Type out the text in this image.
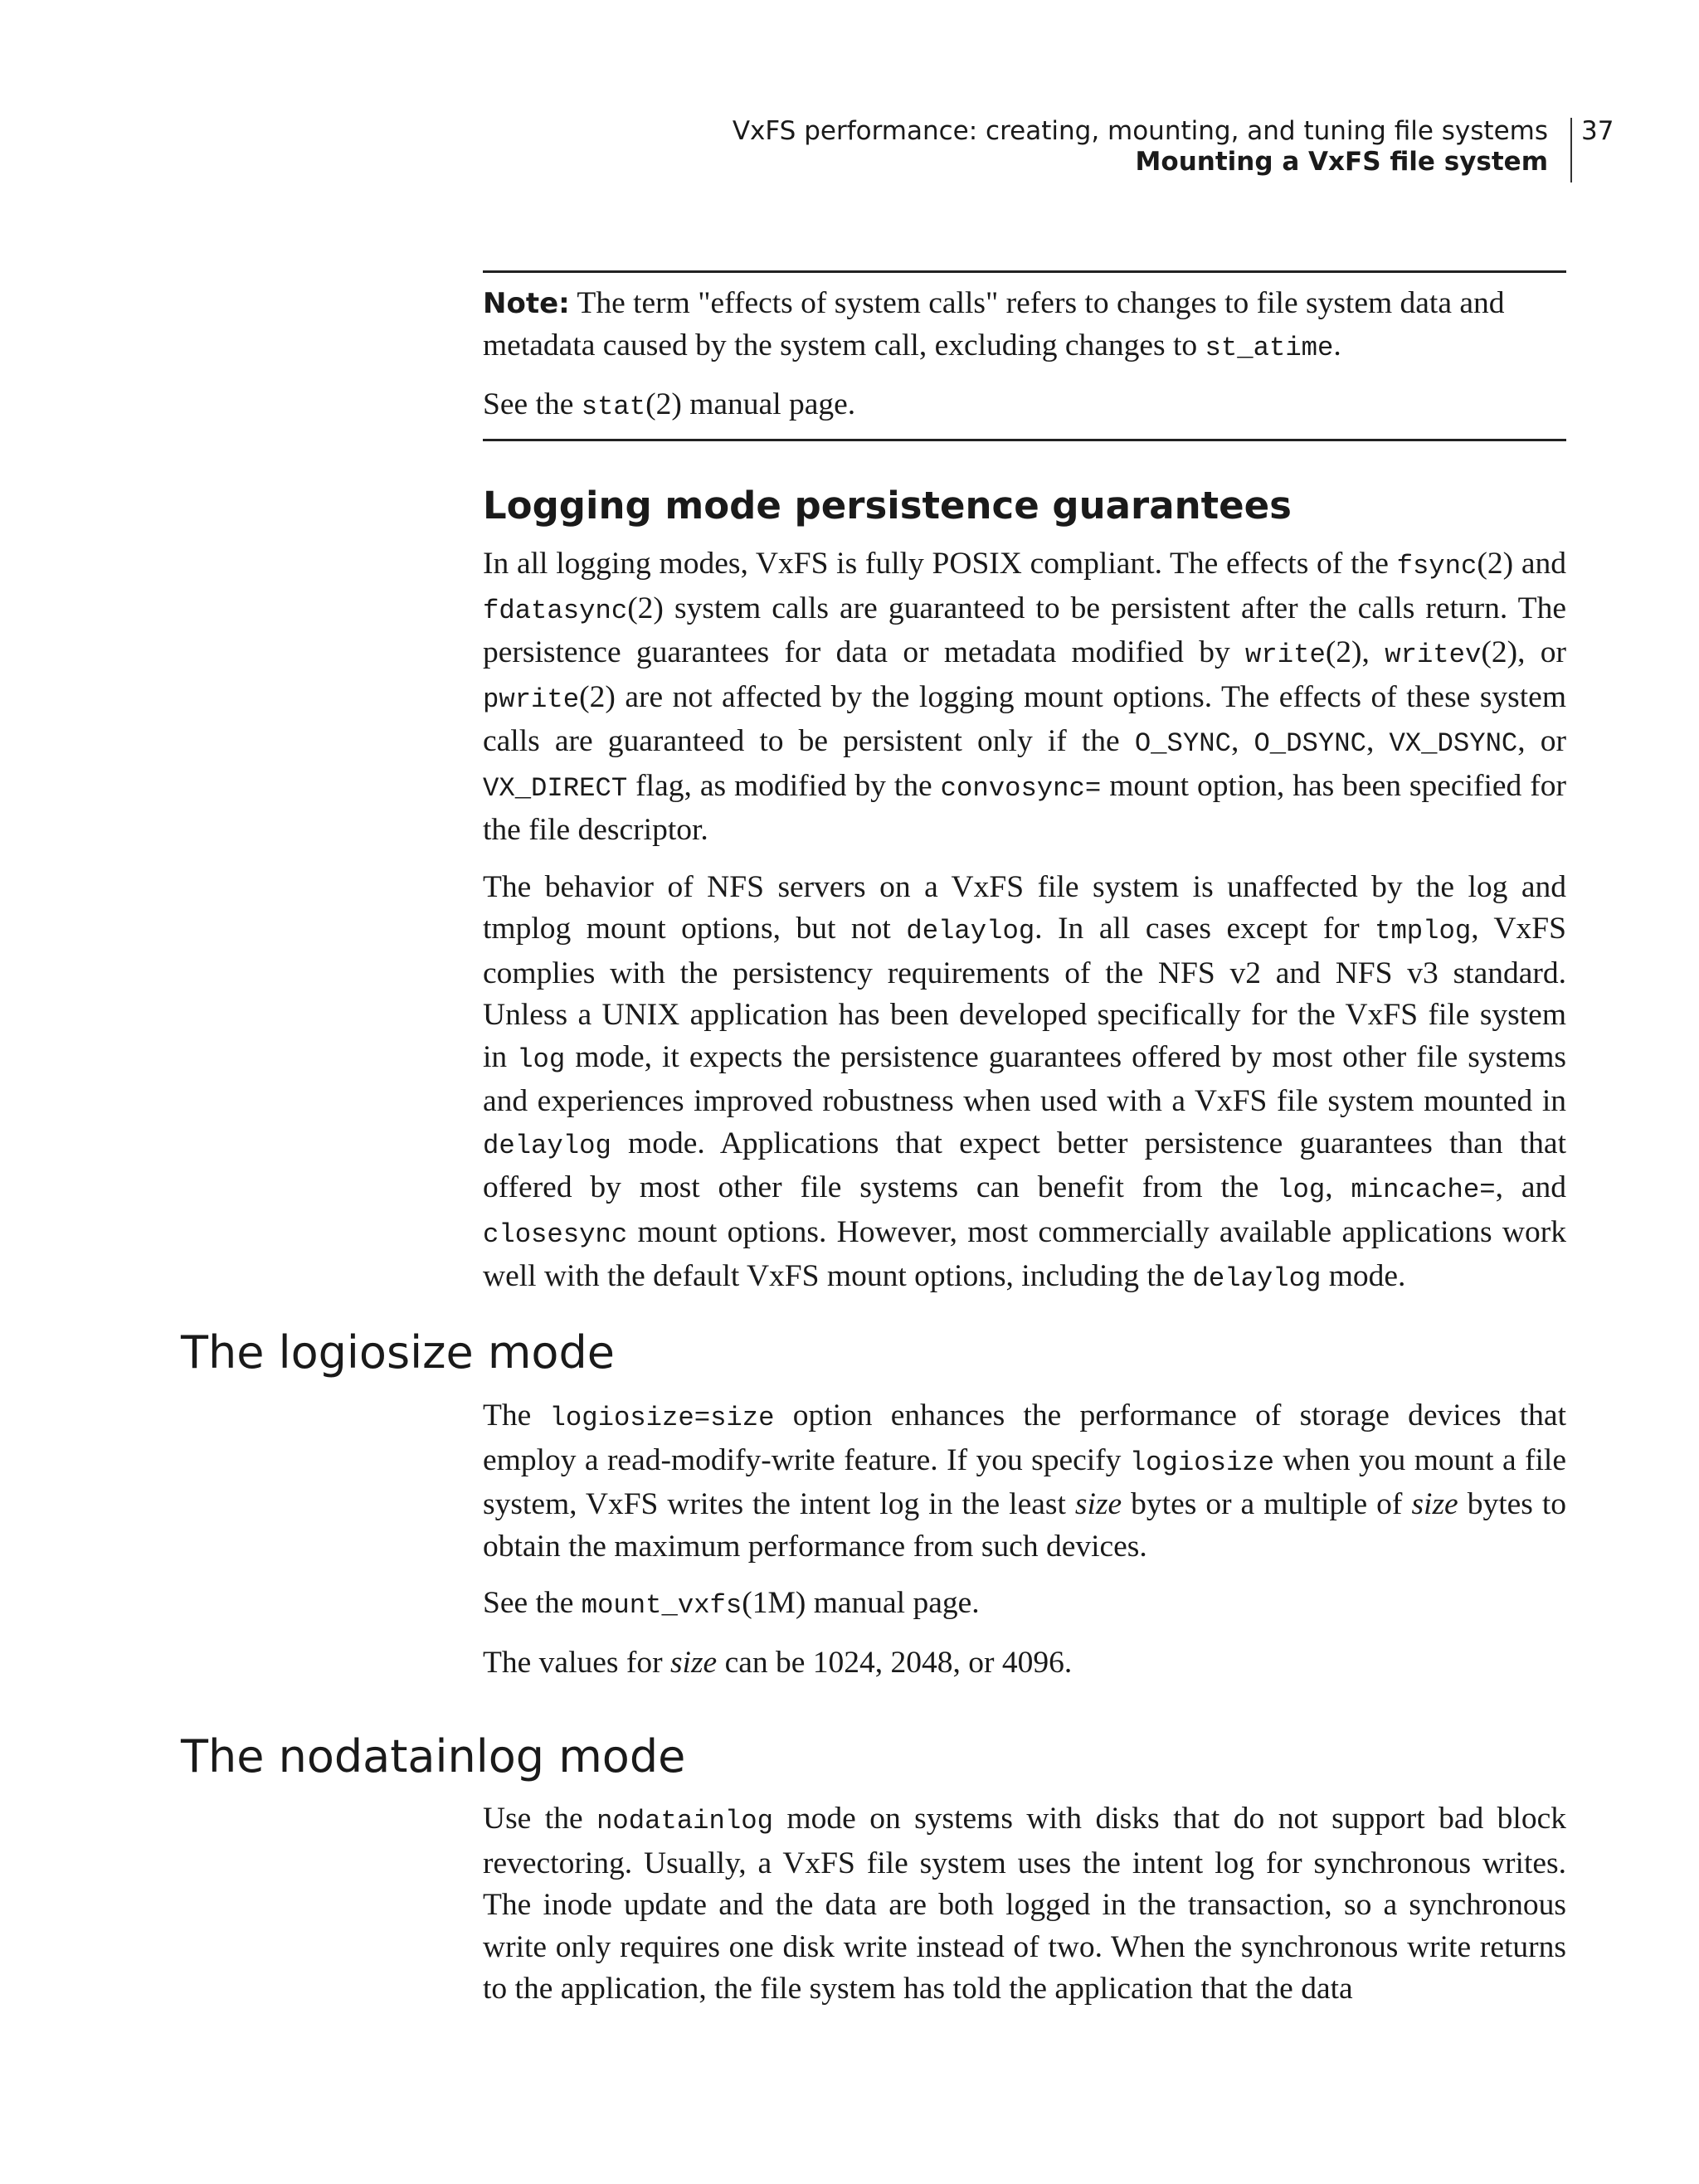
VxFS performance: creating, mounting, and tuning file systems
Mounting a VxFS file system
37

Note: The term "effects of system calls" refers to changes to file system data and metadata caused by the system call, excluding changes to st_atime.

See the stat(2) manual page.

Logging mode persistence guarantees

In all logging modes, VxFS is fully POSIX compliant. The effects of the fsync(2) and fdatasync(2) system calls are guaranteed to be persistent after the calls return. The persistence guarantees for data or metadata modified by write(2), writev(2), or pwrite(2) are not affected by the logging mount options. The effects of these system calls are guaranteed to be persistent only if the O_SYNC, O_DSYNC, VX_DSYNC, or VX_DIRECT flag, as modified by the convosync= mount option, has been specified for the file descriptor.

The behavior of NFS servers on a VxFS file system is unaffected by the log and tmplog mount options, but not delaylog. In all cases except for tmplog, VxFS complies with the persistency requirements of the NFS v2 and NFS v3 standard. Unless a UNIX application has been developed specifically for the VxFS file system in log mode, it expects the persistence guarantees offered by most other file systems and experiences improved robustness when used with a VxFS file system mounted in delaylog mode. Applications that expect better persistence guarantees than that offered by most other file systems can benefit from the log, mincache=, and closesync mount options. However, most commercially available applications work well with the default VxFS mount options, including the delaylog mode.

The logiosize mode

The logiosize=size option enhances the performance of storage devices that employ a read-modify-write feature. If you specify logiosize when you mount a file system, VxFS writes the intent log in the least size bytes or a multiple of size bytes to obtain the maximum performance from such devices.

See the mount_vxfs(1M) manual page.

The values for size can be 1024, 2048, or 4096.

The nodatainlog mode

Use the nodatainlog mode on systems with disks that do not support bad block revectoring. Usually, a VxFS file system uses the intent log for synchronous writes. The inode update and the data are both logged in the transaction, so a synchronous write only requires one disk write instead of two. When the synchronous write returns to the application, the file system has told the application that the data
